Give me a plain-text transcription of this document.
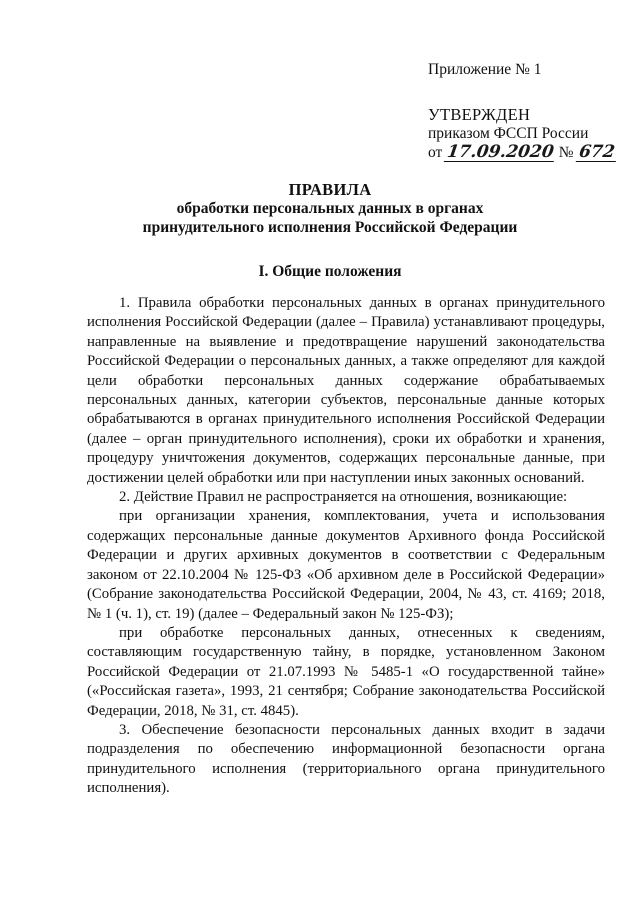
Приложение № 1
УТВЕРЖДЕН
приказом ФССП России
от 17.09.2020 № 672
ПРАВИЛА
обработки персональных данных в органах принудительного исполнения Российской Федерации
I. Общие положения

1. Правила обработки персональных данных в органах принудительного исполнения Российской Федерации (далее – Правила) устанавливают процедуры, направленные на выявление и предотвращение нарушений законодательства Российской Федерации о персональных данных, а также определяют для каждой цели обработки персональных данных содержание обрабатываемых персональных данных, категории субъектов, персональные данные которых обрабатываются в органах принудительного исполнения Российской Федерации (далее – орган принудительного исполнения), сроки их обработки и хранения, процедуру уничтожения документов, содержащих персональные данные, при достижении целей обработки или при наступлении иных законных оснований.

2. Действие Правил не распространяется на отношения, возникающие:

при организации хранения, комплектования, учета и использования содержащих персональные данные документов Архивного фонда Российской Федерации и других архивных документов в соответствии с Федеральным законом от 22.10.2004 № 125-ФЗ «Об архивном деле в Российской Федерации» (Собрание законодательства Российской Федерации, 2004, № 43, ст. 4169; 2018, № 1 (ч. 1), ст. 19) (далее – Федеральный закон № 125-ФЗ);

при обработке персональных данных, отнесенных к сведениям, составляющим государственную тайну, в порядке, установленном Законом Российской Федерации от 21.07.1993 № 5485-1 «О государственной тайне» («Российская газета», 1993, 21 сентября; Собрание законодательства Российской Федерации, 2018, № 31, ст. 4845).

3. Обеспечение безопасности персональных данных входит в задачи подразделения по обеспечению информационной безопасности органа принудительного исполнения (территориального органа принудительного исполнения).
